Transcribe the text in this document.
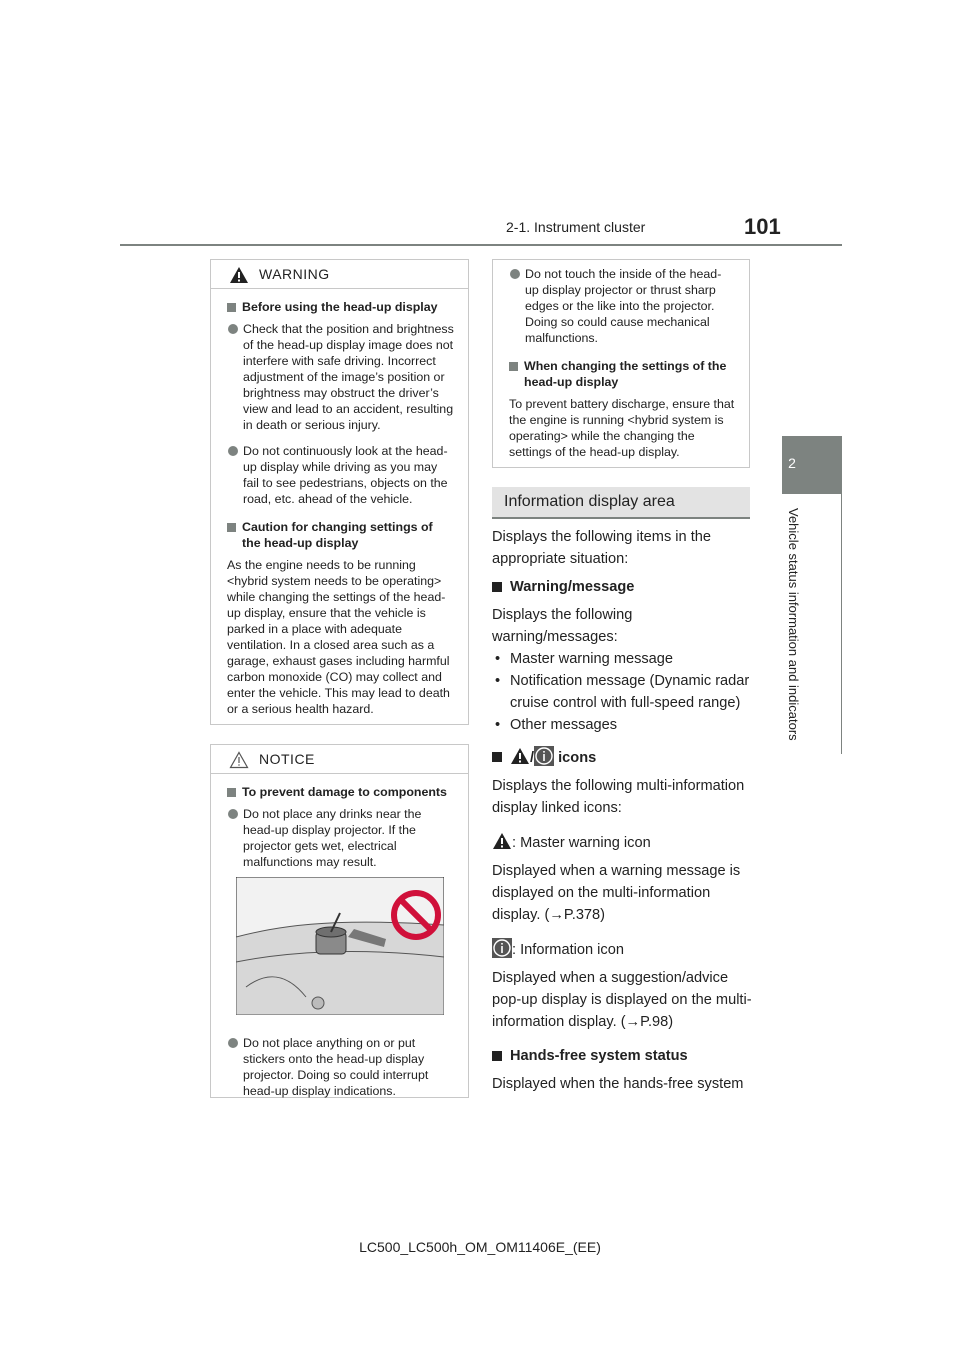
2-1. Instrument cluster	101
2
Vehicle status information and indicators
WARNING
Before using the head-up display
Check that the position and brightness of the head-up display image does not interfere with safe driving. Incorrect adjustment of the image’s position or brightness may obstruct the driver’s view and lead to an accident, resulting in death or serious injury.
Do not continuously look at the head-up display while driving as you may fail to see pedestrians, objects on the road, etc. ahead of the vehicle.
Caution for changing settings of the head-up display
As the engine needs to be running <hybrid system needs to be operating> while changing the settings of the head-up display, ensure that the vehicle is parked in a place with adequate ventilation. In a closed area such as a garage, exhaust gases including harmful carbon monoxide (CO) may collect and enter the vehicle. This may lead to death or a serious health hazard.
NOTICE
To prevent damage to components
Do not place any drinks near the head-up display projector. If the projector gets wet, electrical malfunctions may result.
Do not place anything on or put stickers onto the head-up display projector. Doing so could interrupt head-up display indications.
Do not touch the inside of the head-up display projector or thrust sharp edges or the like into the projector. Doing so could cause mechanical malfunctions.
When changing the settings of the head-up display
To prevent battery discharge, ensure that the engine is running <hybrid system is operating> while the changing the settings of the head-up display.
Information display area

Displays the following items in the appropriate situation:

Warning/message

Displays the following warning/messages:

• Master warning message

• Notification message (Dynamic radar cruise control with full-speed range)

• Other messages

/ icons

Displays the following multi-information display linked icons:

: Master warning icon

Displayed when a warning message is displayed on the multi-information display. (→P.378)

: Information icon

Displayed when a suggestion/advice pop-up display is displayed on the multi-information display. (→P.98)

Hands-free system status

Displayed when the hands-free system

LC500_LC500h_OM_OM11406E_(EE)
